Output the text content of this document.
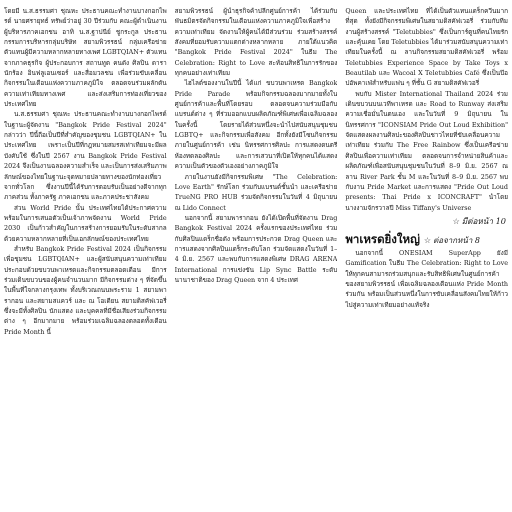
โดยมี น.ส.ธรรมศา ชุณหะ ประธานคณะทำงานบางกอกไพรด์ นายศรายุทธ์ ทรัพย์ว่าอยู่ 30 ปีร่วมกับ คณะผู้ดำเนินงาน ผู้บริหารภาคเอกชน อาทิ น.ส.ฐาปนีย์ ชูกระกูล ประธานกรรมการบริหารกลุ่มบริษัท สยามพิวรรธน์ กลุ่มเครือข่ายตัวแทนผู้มีความหลากหลายทางเพศ LGBTQIAN+ ตัวแทนจากภาคธุรกิจ ผู้ประกอบการ สถานทูต คนดัง ศิลปิน ดารา นักร้อง อินฟลูเอนเซอร์ และสื่อมวลชน เพื่อร่วมขับเคลื่อนกิจกรรมในเดือนแห่งความภาคภูมิใจ ตลอดจนร่วมผลักดันความเท่าเทียมทางเพศ และส่งเสริมการท่องเที่ยวของประเทศไทย

น.ส.ธรรมศา ชุณหะ ประธานคณะทำงานบางกอกไพรด์ ในฐานะผู้จัดงาน "Bangkok Pride Festival 2024" กล่าวว่า ปีนี้ถือเป็นปีที่สำคัญของชุมชน LGBTQIAN+ ในประเทศไทย เพราะเป็นปีที่กฎหมายสมรสเท่าเทียมจะมีผลบังคับใช้ ซึ่งในปี 2567 งาน Bangkok Pride Festival 2024 จึงเป็นงานฉลองความสำเร็จ และเป็นการส่งเสริมภาพลักษณ์ของไทยในฐานะจุดหมายปลายทางของนักท่องเที่ยวจากทั่วโลก ซึ่งงานปีนี้ได้รับการตอบรับเป็นอย่างดีจากทุกภาคส่วน ทั้งภาครัฐ ภาคเอกชน และภาคประชาสังคม

ส่วน World Pride นั้น ประเทศไทยได้ประกาศความพร้อมในการเสนอตัวเป็นเจ้าภาพจัดงาน World Pride 2030 เป็นก้าวสำคัญในการสร้างการยอมรับในระดับสากล ด้วยความหลากหลายที่เป็นเอกลักษณ์ของประเทศไทย

สำหรับ Bangkok Pride Festival 2024 เป็นกิจกรรมเพื่อชุมชน LGBTQIAN+ และผู้สนับสนุนความเท่าเทียม ประกอบด้วยขบวนพาเหรดและกิจกรรมตลอดเดือน มีการร่วมเดินขบวนของผู้คนจำนวนมาก มีกิจกรรมต่าง ๆ ที่จัดขึ้นในพื้นที่ใจกลางกรุงเทพ ทั้งบริเวณถนนพระราม 1 สยามพารากอน และสยามสแควร์ และ ณ โอเดียน สยามดิสคัฟเวอรี่ ซึ่งจะมีทั้งศิลปิน นักแสดง และบุคคลที่มีชื่อเสียงร่วมกิจกรรมต่าง ๆ อีกมากมาย พร้อมร่วมเฉลิมฉลองตลอดทั้งเดือน Pride Month นี้

สยามพิวรรธน์ ผู้นำธุรกิจค้าปลีกศูนย์การค้า ได้ร่วมกับพันธมิตรจัดกิจกรรมในเดือนแห่งความภาคภูมิใจเพื่อสร้างความเท่าเทียม จัดงานให้ผู้คนได้มีส่วนร่วม ร่วมสร้างสรรค์สังคมที่ยอมรับความแตกต่างหลากหลาย ภายใต้แนวคิด "Bangkok Pride Festival 2024" ในธีม The Celebration: Right to Love สะท้อนสิทธิในการรักของทุกคนอย่างเท่าเทียม

ไฮไลต์ของงานในปีนี้ ได้แก่ ขบวนพาเหรด Bangkok Pride Parade พร้อมกิจกรรมฉลองมากมายทั้งในศูนย์การค้าและพื้นที่โดยรอบ ตลอดจนความร่วมมือกับแบรนด์ต่าง ๆ ที่ร่วมออกแบบผลิตภัณฑ์พิเศษเพื่อเฉลิมฉลองในครั้งนี้ โดยรายได้ส่วนหนึ่งจะนำไปสนับสนุนชุมชน LGBTQ+ และกิจกรรมเพื่อสังคม อีกทั้งยังมีโซนกิจกรรมภายในศูนย์การค้า เช่น นิทรรศการศิลปะ การแสดงดนตรี ห้องทดลองศิลปะ และการเสวนาที่เปิดให้ทุกคนได้แสดงความเป็นตัวของตัวเองอย่างภาคภูมิใจ

ภายในงานยังมีกิจกรรมพิเศษ "The Celebration: Love Earth" รักษ์โลก ร่วมกับแบรนด์ชั้นนำ และเครือข่าย TrueNG PRO HUB ร่วมจัดกิจกรรมในวันที่ 4 มิถุนายน ณ Lido Connect

นอกจากนี้ สยามพารากอน ยังได้เปิดพื้นที่จัดงาน Drag Bangkok Festival 2024 ครั้งแรกของประเทศไทย ร่วมกับศิลปินแดร็กชื่อดัง พร้อมการประกวด Drag Queen และการแสดงจากศิลปินแดร็กระดับโลก ร่วมจัดแสดงในวันที่ 1–4 มิ.ย. 2567 และพบกับการแสดงพิเศษ DRAG ARENA International การแข่งขัน Lip Sync Battle ระดับนานาชาติของ Drag Queen จาก 4 ประเทศ

Queen และประเทศไทย ที่ได้เป็นตัวแทนแดร็กควีนมากที่สุด ทั้งยังมีกิจกรรมพิเศษในสยามดิสคัฟเวอรี่ ร่วมกับทีมงานผู้สร้างสรรค์ "Teletubbies" ซึ่งเป็นการ์ตูนที่คนไทยรักและคุ้นเคย โดย Teletubbies ได้มาร่วมสนับสนุนความเท่าเทียมในครั้งนี้ ณ ลานกิจกรรมสยามดิสคัฟเวอรี่ พร้อม Teletubbies Experience Space by Take Toys x Beautilab และ Wacoal X Teletubbies Café ซึ่งเป็นป๊อปอัพคาเฟ่สำหรับแฟน ๆ ที่ชั้น G สยามดิสคัฟเวอรี่

พบกับ Mister International Thailand 2024 ร่วมเดินขบวนบนเวทีพาเหรด และ Road to Runway ส่งเสริมความเชื่อมั่นในตนเอง และในวันที่ 9 มิถุนายน ในนิทรรศการ "ICONSIAM Pride Out Loud Exhibition" จัดแสดงผลงานศิลปะของศิลปินชาวไทยที่ขับเคลื่อนความเท่าเทียม ร่วมกับ The Free Rainbow ซึ่งเป็นเครือข่ายศิลปินเพื่อความเท่าเทียม ตลอดจนการจำหน่ายสินค้าและผลิตภัณฑ์เพื่อสนับสนุนชุมชนในวันที่ 8–9 มิ.ย. 2567 ณ ลาน River Park ชั้น M และในวันที่ 8–9 มิ.ย. 2567 พบกับงาน Pride Market และการแสดง "Pride Out Loud presents: Thai Pride x ICONCRAFT" นำโดย นางงามจักรวาลปี Miss Tiffany's Universe

☆ มีต่อหน้า 10
พาเหรดยิ่งใหญ่ ☆ ต่อจากหน้า 8

นอกจากนี้ ONESIAM SuperApp ยังมี Gamification ในธีม The Celebration: Right to Love ให้ทุกคนสามารถร่วมสนุกและรับสิทธิพิเศษในศูนย์การค้าของสยามพิวรรธน์ เพื่อเฉลิมฉลองเดือนแห่ง Pride Month ร่วมกัน พร้อมเป็นส่วนหนึ่งในการขับเคลื่อนสังคมไทยให้ก้าวไปสู่ความเท่าเทียมอย่างแท้จริง
